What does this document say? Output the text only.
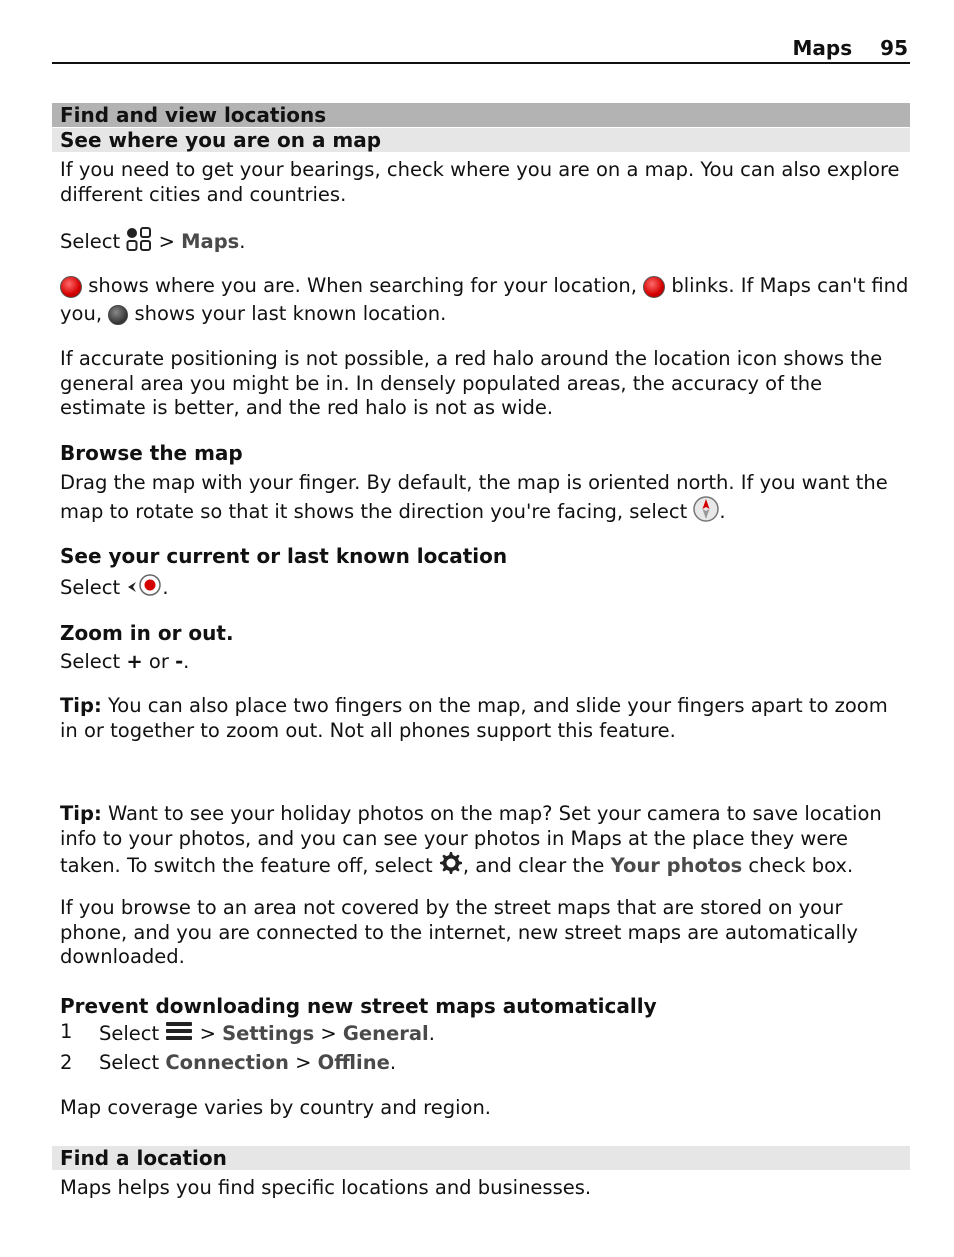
Maps 95
Find and view locations
See where you are on a map

If you need to get your bearings, check where you are on a map. You can also explore different cities and countries.

Select > Maps.

shows where you are. When searching for your location, blinks. If Maps can't find you, shows your last known location.

If accurate positioning is not possible, a red halo around the location icon shows the general area you might be in. In densely populated areas, the accuracy of the estimate is better, and the red halo is not as wide.

Browse the map

Drag the map with your finger. By default, the map is oriented north. If you want the map to rotate so that it shows the direction you're facing, select .

See your current or last known location

Select .

Zoom in or out.

Select + or -.

Tip: You can also place two fingers on the map, and slide your fingers apart to zoom in or together to zoom out. Not all phones support this feature.

Tip: Want to see your holiday photos on the map? Set your camera to save location info to your photos, and you can see your photos in Maps at the place they were taken. To switch the feature off, select , and clear the Your photos check box.

If you browse to an area not covered by the street maps that are stored on your phone, and you are connected to the internet, new street maps are automatically downloaded.

Prevent downloading new street maps automatically
1 Select > Settings > General.
2 Select Connection > Offline.

Map coverage varies by country and region.

Find a location

Maps helps you find specific locations and businesses.
